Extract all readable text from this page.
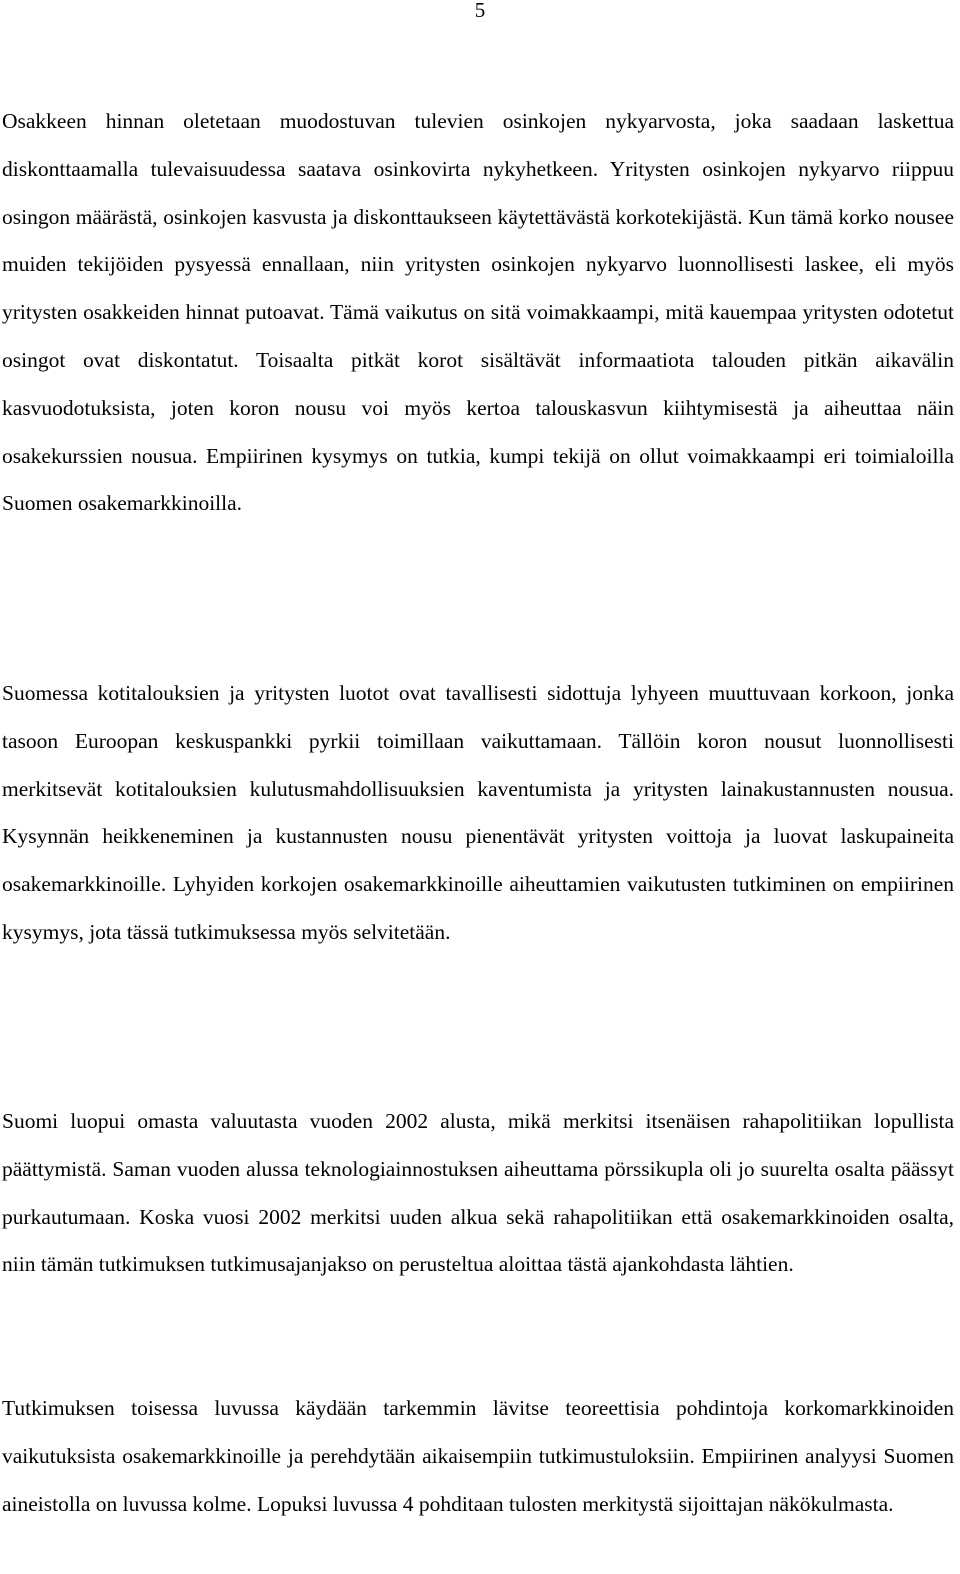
5

Osakkeen hinnan oletetaan muodostuvan tulevien osinkojen nykyarvosta, joka saadaan laskettua diskonttaamalla tulevaisuudessa saatava osinkovirta nykyhetkeen. Yritysten osinkojen nykyarvo riippuu osingon määrästä, osinkojen kasvusta ja diskonttaukseen käytettävästä korkotekijästä. Kun tämä korko nousee muiden tekijöiden pysyessä ennallaan, niin yritysten osinkojen nykyarvo luonnollisesti laskee, eli myös yritysten osakkeiden hinnat putoavat. Tämä vaikutus on sitä voimakkaampi, mitä kauempaa yritysten odotetut osingot ovat diskontatut. Toisaalta pitkät korot sisältävät informaatiota talouden pitkän aikavälin kasvuodotuksista, joten koron nousu voi myös kertoa talouskasvun kiihtymisestä ja aiheuttaa näin osakekurssien nousua. Empiirinen kysymys on tutkia, kumpi tekijä on ollut voimakkaampi eri toimialoilla Suomen osakemarkkinoilla.

Suomessa kotitalouksien ja yritysten luotot ovat tavallisesti sidottuja lyhyeen muuttuvaan korkoon, jonka tasoon Euroopan keskuspankki pyrkii toimillaan vaikuttamaan. Tällöin koron nousut luonnollisesti merkitsevät kotitalouksien kulutusmahdollisuuksien kaventumista ja yritysten lainakustannusten nousua. Kysynnän heikkeneminen ja kustannusten nousu pienentävät yritysten voittoja ja luovat laskupaineita osakemarkkinoille. Lyhyiden korkojen osakemarkkinoille aiheuttamien vaikutusten tutkiminen on empiirinen kysymys, jota tässä tutkimuksessa myös selvitetään.

Suomi luopui omasta valuutasta vuoden 2002 alusta, mikä merkitsi itsenäisen rahapolitiikan lopullista päättymistä. Saman vuoden alussa teknologiainnostuksen aiheuttama pörssikupla oli jo suurelta osalta päässyt purkautumaan. Koska vuosi 2002 merkitsi uuden alkua sekä rahapolitiikan että osakemarkkinoiden osalta, niin tämän tutkimuksen tutkimusajanjakso on perusteltua aloittaa tästä ajankohdasta lähtien.

Tutkimuksen toisessa luvussa käydään tarkemmin lävitse teoreettisia pohdintoja korkomarkkinoiden vaikutuksista osakemarkkinoille ja perehdytään aikaisempiin tutkimustuloksiin. Empiirinen analyysi Suomen aineistolla on luvussa kolme. Lopuksi luvussa 4 pohditaan tulosten merkitystä sijoittajan näkökulmasta.
